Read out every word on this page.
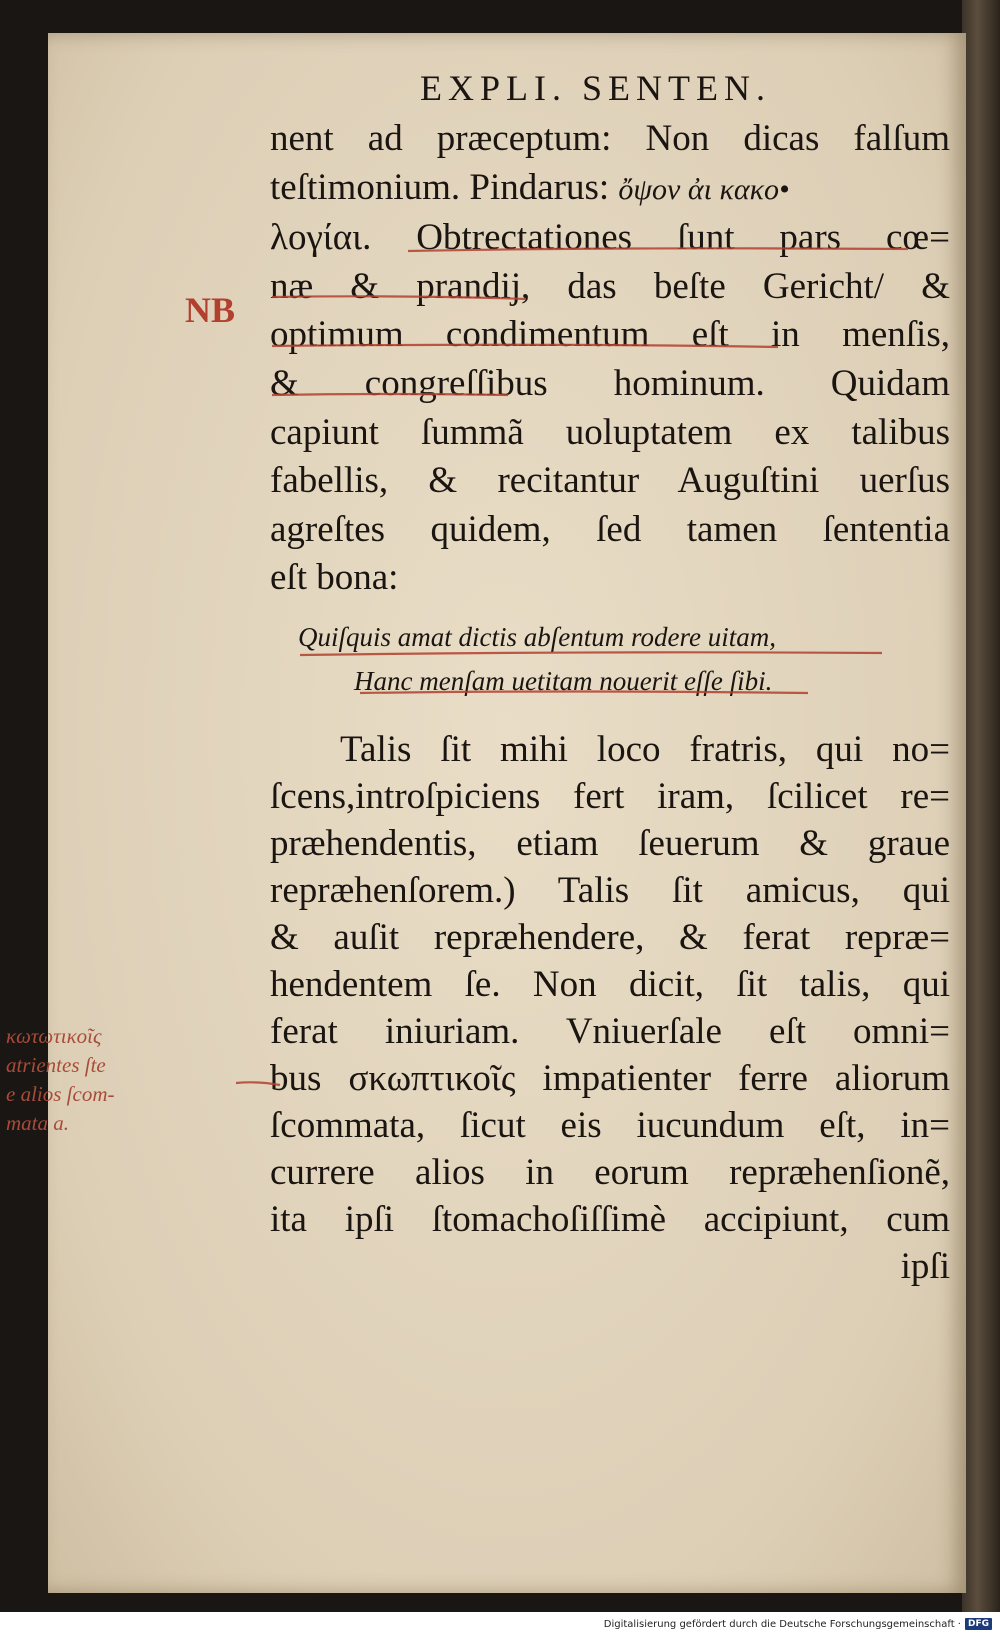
EXPLI. SENTEN.
nent ad præceptum: Non dicas falſum
teſtimonium. Pindarus: ὄψον ἀι κακο•
λογίαι. Obtrectationes ſunt pars cœ=
næ & prandij, das beſte Gericht/ &
optimum condimentum eſt in menſis,
& congreſſibus hominum. Quidam
capiunt ſummã uoluptatem ex talibus
fabellis, & recitantur Auguſtini uerſus
agreſtes quidem, ſed tamen ſententia
eſt bona:
Quiſquis amat dictis abſentum rodere uitam,
Hanc menſam uetitam nouerit eſſe ſibi.
Talis ſit mihi loco fratris, qui no=
ſcens,introſpiciens fert iram, ſcilicet re=
præhendentis, etiam ſeuerum & graue
repræhenſorem.) Talis ſit amicus, qui
& auſit repræhendere, & ferat repræ=
hendentem ſe. Non dicit, ſit talis, qui
ferat iniuriam. Vniuerſale eſt omni=
bus σκωπτικοῖς impatienter ferre aliorum
ſcommata, ſicut eis iucundum eſt, in=
currere alios in eorum repræhenſionẽ,
ita ipſi ſtomachoſiſſimè accipiunt, cum
ipſi
NB
κωτωτικοῖς
atrientes ſte
e alios ſcom-
mata a.
Digitalisierung gefördert durch die Deutsche Forschungsgemeinschaft · DFG
